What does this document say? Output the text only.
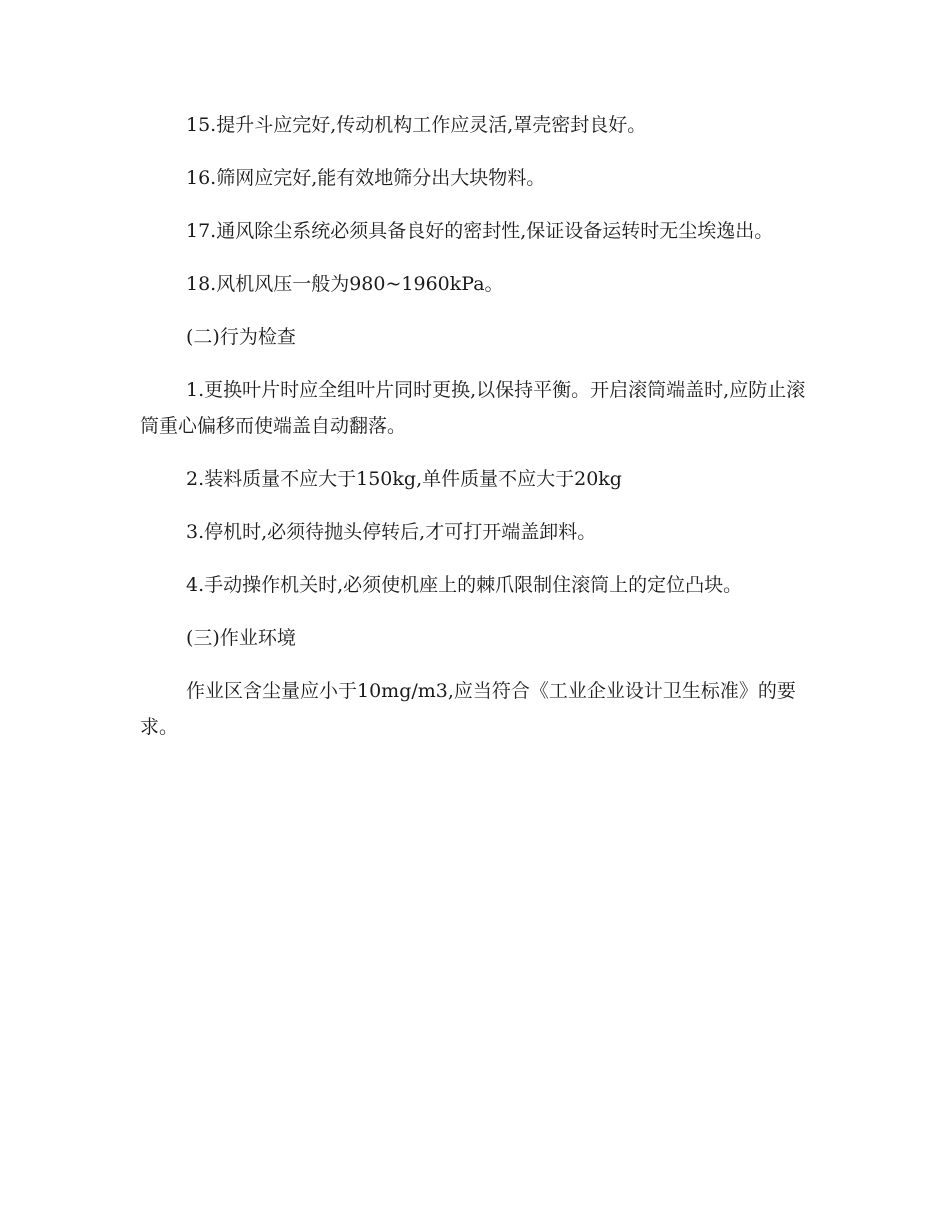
15.提升斗应完好,传动机构工作应灵活,罩壳密封良好。

16.筛网应完好,能有效地筛分出大块物料。

17.通风除尘系统必须具备良好的密封性,保证设备运转时无尘埃逸出。

18.风机风压一般为980~1960kPa。

(二)行为检查

1.更换叶片时应全组叶片同时更换,以保持平衡。开启滚筒端盖时,应防止滚筒重心偏移而使端盖自动翻落。

2.装料质量不应大于150kg,单件质量不应大于20kg

3.停机时,必须待抛头停转后,才可打开端盖卸料。

4.手动操作机关时,必须使机座上的棘爪限制住滚筒上的定位凸块。

(三)作业环境

作业区含尘量应小于10mg/m3,应当符合《工业企业设计卫生标准》的要求。
